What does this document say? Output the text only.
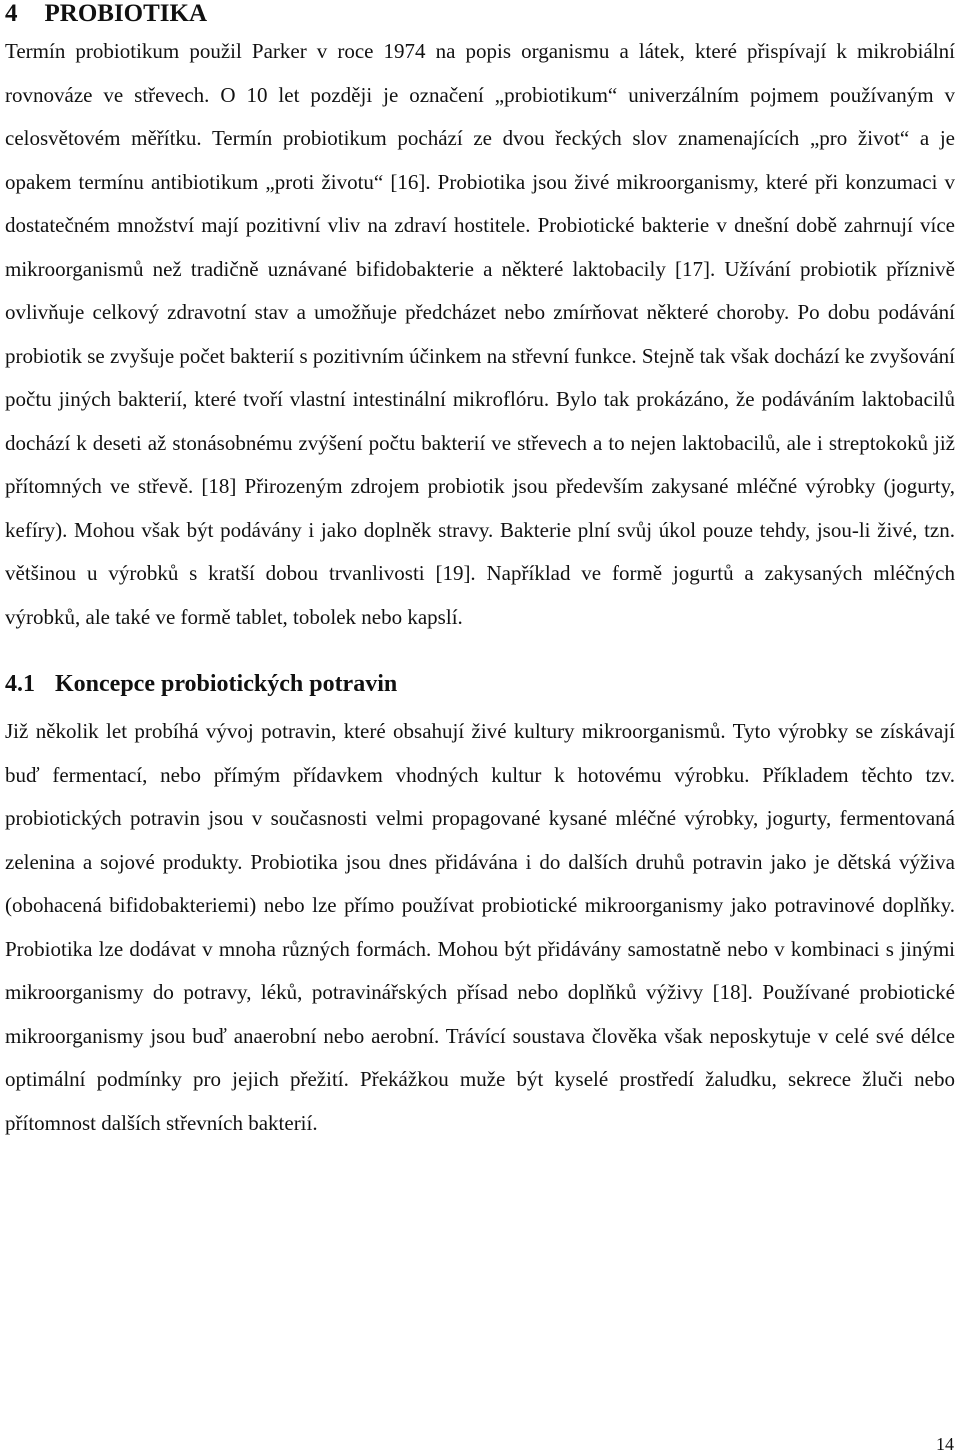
4 PROBIOTIKA

Termín probiotikum použil Parker v roce 1974 na popis organismu a látek, které přispívají k mikrobiální rovnováze ve střevech. O 10 let později je označení „probiotikum“ univerzálním pojmem používaným v celosvětovém měřítku. Termín probiotikum pochází ze dvou řeckých slov znamenajících „pro život“ a je opakem termínu antibiotikum „proti životu“ [16]. Probiotika jsou živé mikroorganismy, které při konzumaci v dostatečném množství mají pozitivní vliv na zdraví hostitele. Probiotické bakterie v dnešní době zahrnují více mikroorganismů než tradičně uznávané bifidobakterie a některé laktobacily [17]. Užívání probiotik příznivě ovlivňuje celkový zdravotní stav a umožňuje předcházet nebo zmírňovat některé choroby. Po dobu podávání probiotik se zvyšuje počet bakterií s pozitivním účinkem na střevní funkce. Stejně tak však dochází ke zvyšování počtu jiných bakterií, které tvoří vlastní intestinální mikroflóru. Bylo tak prokázáno, že podáváním laktobacilů dochází k deseti až stonásobnému zvýšení počtu bakterií ve střevech a to nejen laktobacilů, ale i streptokoků již přítomných ve střevě. [18] Přirozeným zdrojem probiotik jsou především zakysané mléčné výrobky (jogurty, kefíry). Mohou však být podávány i jako doplněk stravy. Bakterie plní svůj úkol pouze tehdy, jsou-li živé, tzn. většinou u výrobků s kratší dobou trvanlivosti [19]. Například ve formě jogurtů a zakysaných mléčných výrobků, ale také ve formě tablet, tobolek nebo kapslí.

4.1 Koncepce probiotických potravin

Již několik let probíhá vývoj potravin, které obsahují živé kultury mikroorganismů. Tyto výrobky se získávají buď fermentací, nebo přímým přídavkem vhodných kultur k hotovému výrobku. Příkladem těchto tzv. probiotických potravin jsou v současnosti velmi propagované kysané mléčné výrobky, jogurty, fermentovaná zelenina a sojové produkty. Probiotika jsou dnes přidávána i do dalších druhů potravin jako je dětská výživa (obohacená bifidobakteriemi) nebo lze přímo používat probiotické mikroorganismy jako potravinové doplňky. Probiotika lze dodávat v mnoha různých formách. Mohou být přidávány samostatně nebo v kombinaci s jinými mikroorganismy do potravy, léků, potravinářských přísad nebo doplňků výživy [18]. Používané probiotické mikroorganismy jsou buď anaerobní nebo aerobní. Trávící soustava člověka však neposkytuje v celé své délce optimální podmínky pro jejich přežití. Překážkou muže být kyselé prostředí žaludku, sekrece žluči nebo přítomnost dalších střevních bakterií.

14
